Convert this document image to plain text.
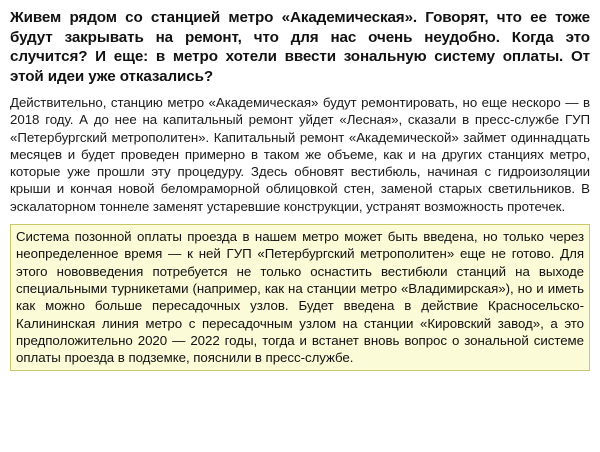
Живем рядом со станцией метро «Академическая». Говорят, что ее тоже будут закрывать на ремонт, что для нас очень неудобно. Когда это случится? И еще: в метро хотели ввести зональную систему оплаты. От этой идеи уже отказались?

Действительно, станцию метро «Академическая» будут ремонтировать, но еще нескоро — в 2018 году. А до нее на капитальный ремонт уйдет «Лесная», сказали в пресс-службе ГУП «Петербургский метрополитен». Капитальный ремонт «Академической» займет одиннадцать месяцев и будет проведен примерно в таком же объеме, как и на других станциях метро, которые уже прошли эту процедуру. Здесь обновят вестибюль, начиная с гидроизоляции крыши и кончая новой беломраморной облицовкой стен, заменой старых светильников. В эскалаторном тоннеле заменят устаревшие конструкции, устранят возможность протечек.

Система позонной оплаты проезда в нашем метро может быть введена, но только через неопределенное время — к ней ГУП «Петербургский метрополитен» еще не готово. Для этого нововведения потребуется не только оснастить вестибюли станций на выходе специальными турникетами (например, как на станции метро «Владимирская»), но и иметь как можно больше пересадочных узлов. Будет введена в действие Красносельско-Калининская линия метро с пересадочным узлом на станции «Кировский завод», а это предположительно 2020 — 2022 годы, тогда и встанет вновь вопрос о зональной системе оплаты проезда в подземке, пояснили в пресс-службе.
